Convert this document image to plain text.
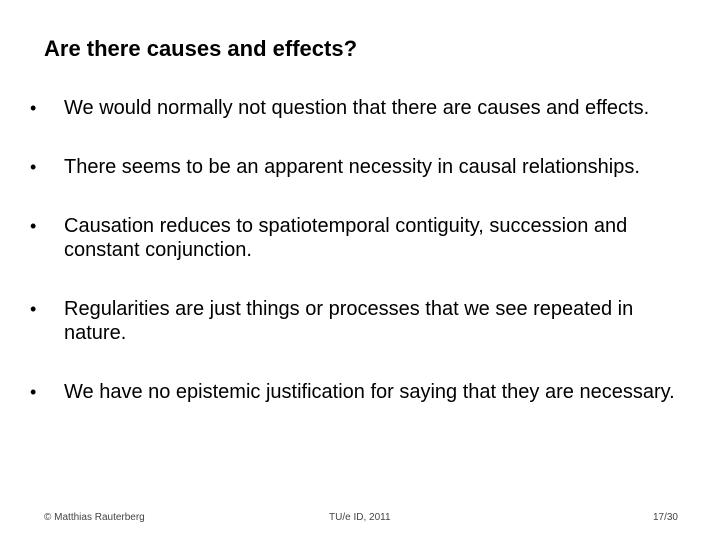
Are there causes and effects?
•	We would normally not question that there are causes and effects.
•	There seems to be an apparent necessity in causal relationships.
•	Causation reduces to spatiotemporal contiguity, succession and constant conjunction.
•	Regularities are just things or processes that we see repeated in nature.
•	We have no epistemic justification for saying that they are necessary.
© Matthias Rauterberg	TU/e ID, 2011	17/30
